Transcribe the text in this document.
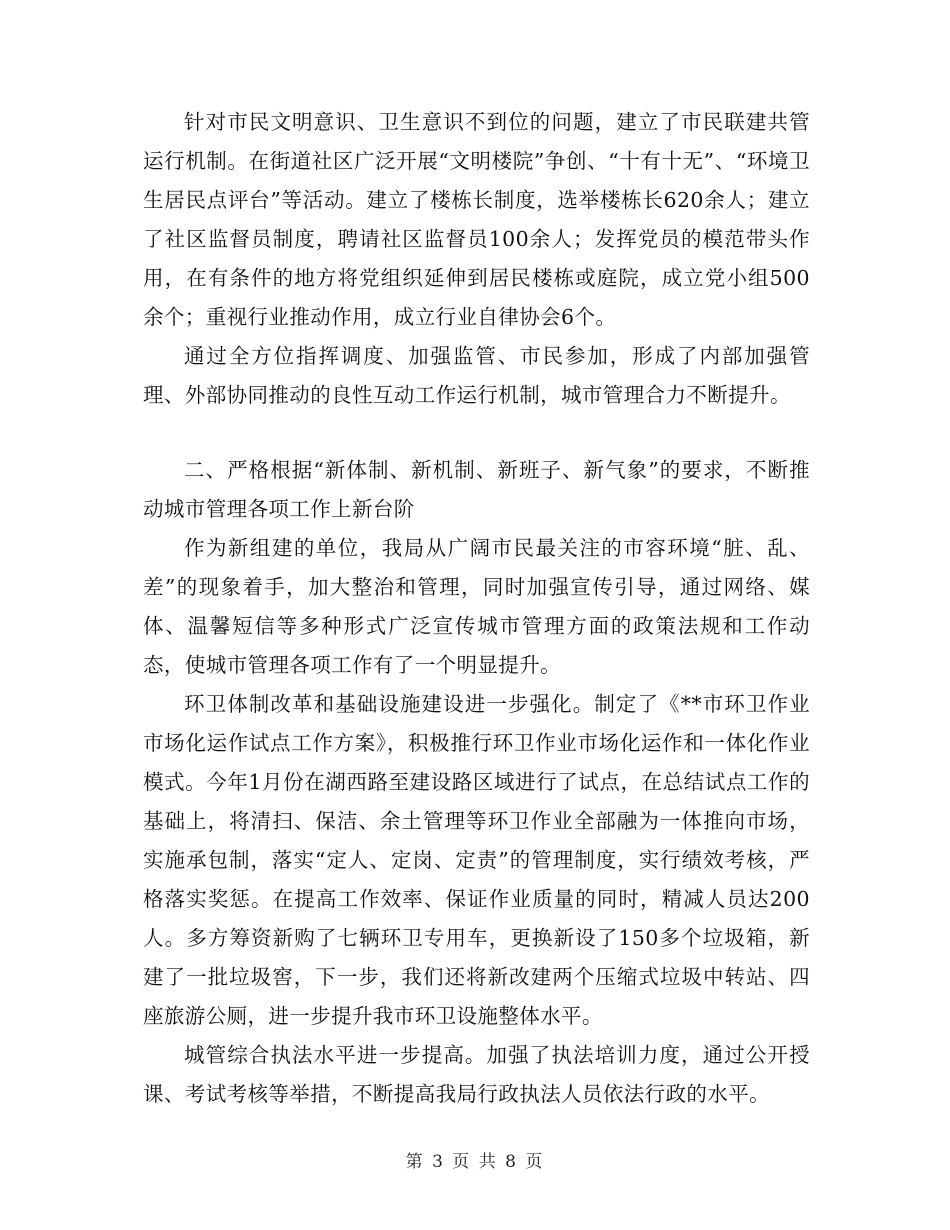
针对市民文明意识、卫生意识不到位的问题，建立了市民联建共管运行机制。在街道社区广泛开展“文明楼院”争创、“十有十无”、“环境卫生居民点评台”等活动。建立了楼栋长制度，选举楼栋长620余人；建立了社区监督员制度，聘请社区监督员100余人；发挥党员的模范带头作用，在有条件的地方将党组织延伸到居民楼栋或庭院，成立党小组500余个；重视行业推动作用，成立行业自律协会6个。

通过全方位指挥调度、加强监管、市民参加，形成了内部加强管理、外部协同推动的良性互动工作运行机制，城市管理合力不断提升。

二、严格根据“新体制、新机制、新班子、新气象”的要求，不断推动城市管理各项工作上新台阶

作为新组建的单位，我局从广阔市民最关注的市容环境“脏、乱、差”的现象着手，加大整治和管理，同时加强宣传引导，通过网络、媒体、温馨短信等多种形式广泛宣传城市管理方面的政策法规和工作动态，使城市管理各项工作有了一个明显提升。

环卫体制改革和基础设施建设进一步强化。制定了《**市环卫作业市场化运作试点工作方案》，积极推行环卫作业市场化运作和一体化作业模式。今年1月份在湖西路至建设路区域进行了试点，在总结试点工作的基础上，将清扫、保洁、余土管理等环卫作业全部融为一体推向市场，实施承包制，落实“定人、定岗、定责”的管理制度，实行绩效考核，严格落实奖惩。在提高工作效率、保证作业质量的同时，精减人员达200人。多方筹资新购了七辆环卫专用车，更换新设了150多个垃圾箱，新建了一批垃圾窖，下一步，我们还将新改建两个压缩式垃圾中转站、四座旅游公厕，进一步提升我市环卫设施整体水平。

城管综合执法水平进一步提高。加强了执法培训力度，通过公开授课、考试考核等举措，不断提高我局行政执法人员依法行政的水平。

第 3 页 共 8 页
